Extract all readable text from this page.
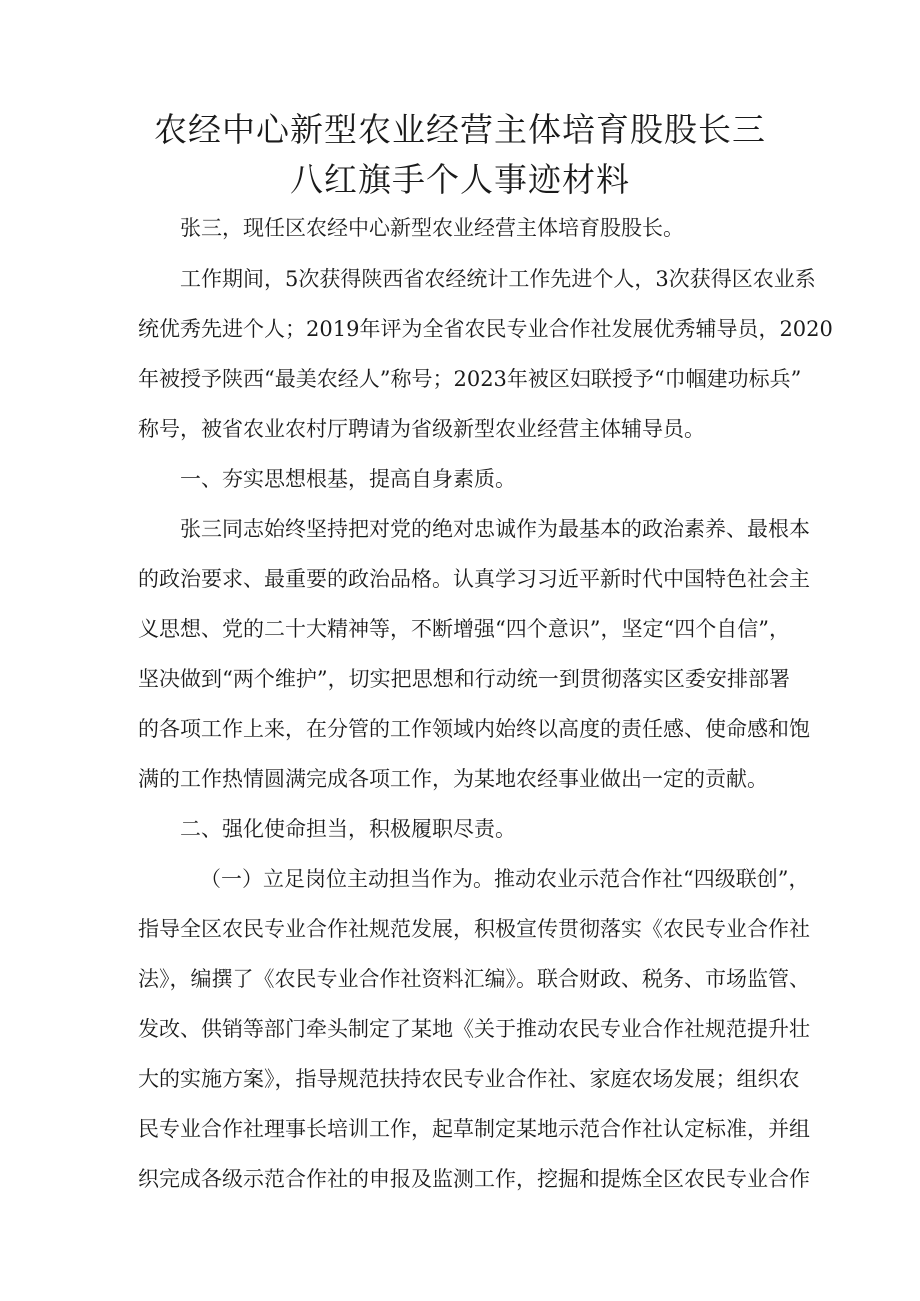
农经中心新型农业经营主体培育股股长三
八红旗手个人事迹材料

张三，现任区农经中心新型农业经营主体培育股股长。

工作期间，5次获得陕西省农经统计工作先进个人，3次获得区农业系

统优秀先进个人；2019年评为全省农民专业合作社发展优秀辅导员，2020

年被授予陕西“最美农经人”称号；2023年被区妇联授予“巾帼建功标兵”

称号，被省农业农村厅聘请为省级新型农业经营主体辅导员。

一、夯实思想根基，提高自身素质。

张三同志始终坚持把对党的绝对忠诚作为最基本的政治素养、最根本

的政治要求、最重要的政治品格。认真学习习近平新时代中国特色社会主

义思想、党的二十大精神等，不断增强“四个意识”，坚定“四个自信”，

坚决做到“两个维护”，切实把思想和行动统一到贯彻落实区委安排部署

的各项工作上来，在分管的工作领域内始终以高度的责任感、使命感和饱

满的工作热情圆满完成各项工作，为某地农经事业做出一定的贡献。

二、强化使命担当，积极履职尽责。

（一）立足岗位主动担当作为。推动农业示范合作社“四级联创”，

指导全区农民专业合作社规范发展，积极宣传贯彻落实《农民专业合作社

法》，编撰了《农民专业合作社资料汇编》。联合财政、税务、市场监管、

发改、供销等部门牵头制定了某地《关于推动农民专业合作社规范提升壮

大的实施方案》，指导规范扶持农民专业合作社、家庭农场发展；组织农

民专业合作社理事长培训工作，起草制定某地示范合作社认定标准，并组

织完成各级示范合作社的申报及监测工作，挖掘和提炼全区农民专业合作
